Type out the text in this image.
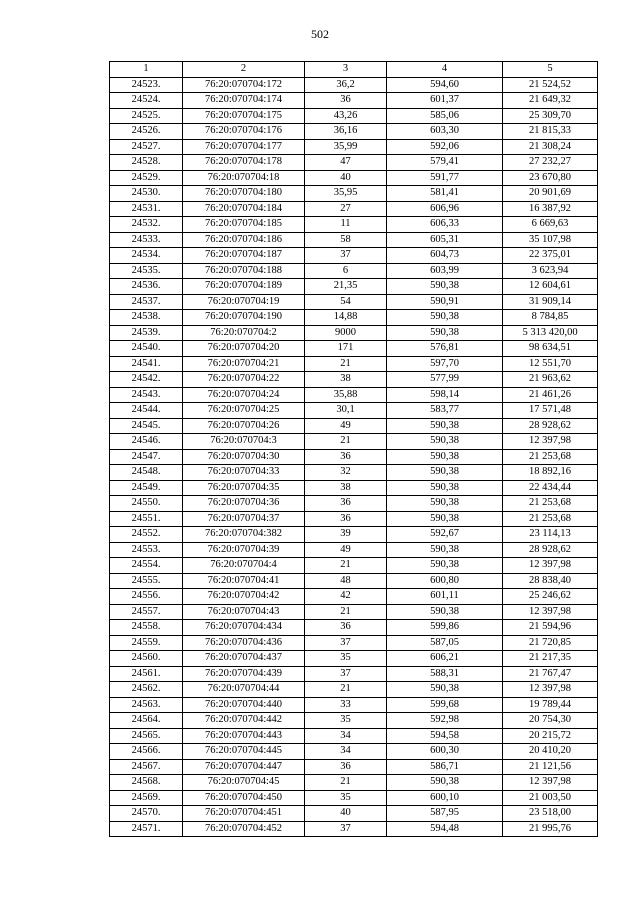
502
1	2	3	4	5
24523.	76:20:070704:172	36,2	594,60	21 524,52
24524.	76:20:070704:174	36	601,37	21 649,32
24525.	76:20:070704:175	43,26	585,06	25 309,70
24526.	76:20:070704:176	36,16	603,30	21 815,33
24527.	76:20:070704:177	35,99	592,06	21 308,24
24528.	76:20:070704:178	47	579,41	27 232,27
24529.	76:20:070704:18	40	591,77	23 670,80
24530.	76:20:070704:180	35,95	581,41	20 901,69
24531.	76:20:070704:184	27	606,96	16 387,92
24532.	76:20:070704:185	11	606,33	6 669,63
24533.	76:20:070704:186	58	605,31	35 107,98
24534.	76:20:070704:187	37	604,73	22 375,01
24535.	76:20:070704:188	6	603,99	3 623,94
24536.	76:20:070704:189	21,35	590,38	12 604,61
24537.	76:20:070704:19	54	590,91	31 909,14
24538.	76:20:070704:190	14,88	590,38	8 784,85
24539.	76:20:070704:2	9000	590,38	5 313 420,00
24540.	76:20:070704:20	171	576,81	98 634,51
24541.	76:20:070704:21	21	597,70	12 551,70
24542.	76:20:070704:22	38	577,99	21 963,62
24543.	76:20:070704:24	35,88	598,14	21 461,26
24544.	76:20:070704:25	30,1	583,77	17 571,48
24545.	76:20:070704:26	49	590,38	28 928,62
24546.	76:20:070704:3	21	590,38	12 397,98
24547.	76:20:070704:30	36	590,38	21 253,68
24548.	76:20:070704:33	32	590,38	18 892,16
24549.	76:20:070704:35	38	590,38	22 434,44
24550.	76:20:070704:36	36	590,38	21 253,68
24551.	76:20:070704:37	36	590,38	21 253,68
24552.	76:20:070704:382	39	592,67	23 114,13
24553.	76:20:070704:39	49	590,38	28 928,62
24554.	76:20:070704:4	21	590,38	12 397,98
24555.	76:20:070704:41	48	600,80	28 838,40
24556.	76:20:070704:42	42	601,11	25 246,62
24557.	76:20:070704:43	21	590,38	12 397,98
24558.	76:20:070704:434	36	599,86	21 594,96
24559.	76:20:070704:436	37	587,05	21 720,85
24560.	76:20:070704:437	35	606,21	21 217,35
24561.	76:20:070704:439	37	588,31	21 767,47
24562.	76:20:070704:44	21	590,38	12 397,98
24563.	76:20:070704:440	33	599,68	19 789,44
24564.	76:20:070704:442	35	592,98	20 754,30
24565.	76:20:070704:443	34	594,58	20 215,72
24566.	76:20:070704:445	34	600,30	20 410,20
24567.	76:20:070704:447	36	586,71	21 121,56
24568.	76:20:070704:45	21	590,38	12 397,98
24569.	76:20:070704:450	35	600,10	21 003,50
24570.	76:20:070704:451	40	587,95	23 518,00
24571.	76:20:070704:452	37	594,48	21 995,76
